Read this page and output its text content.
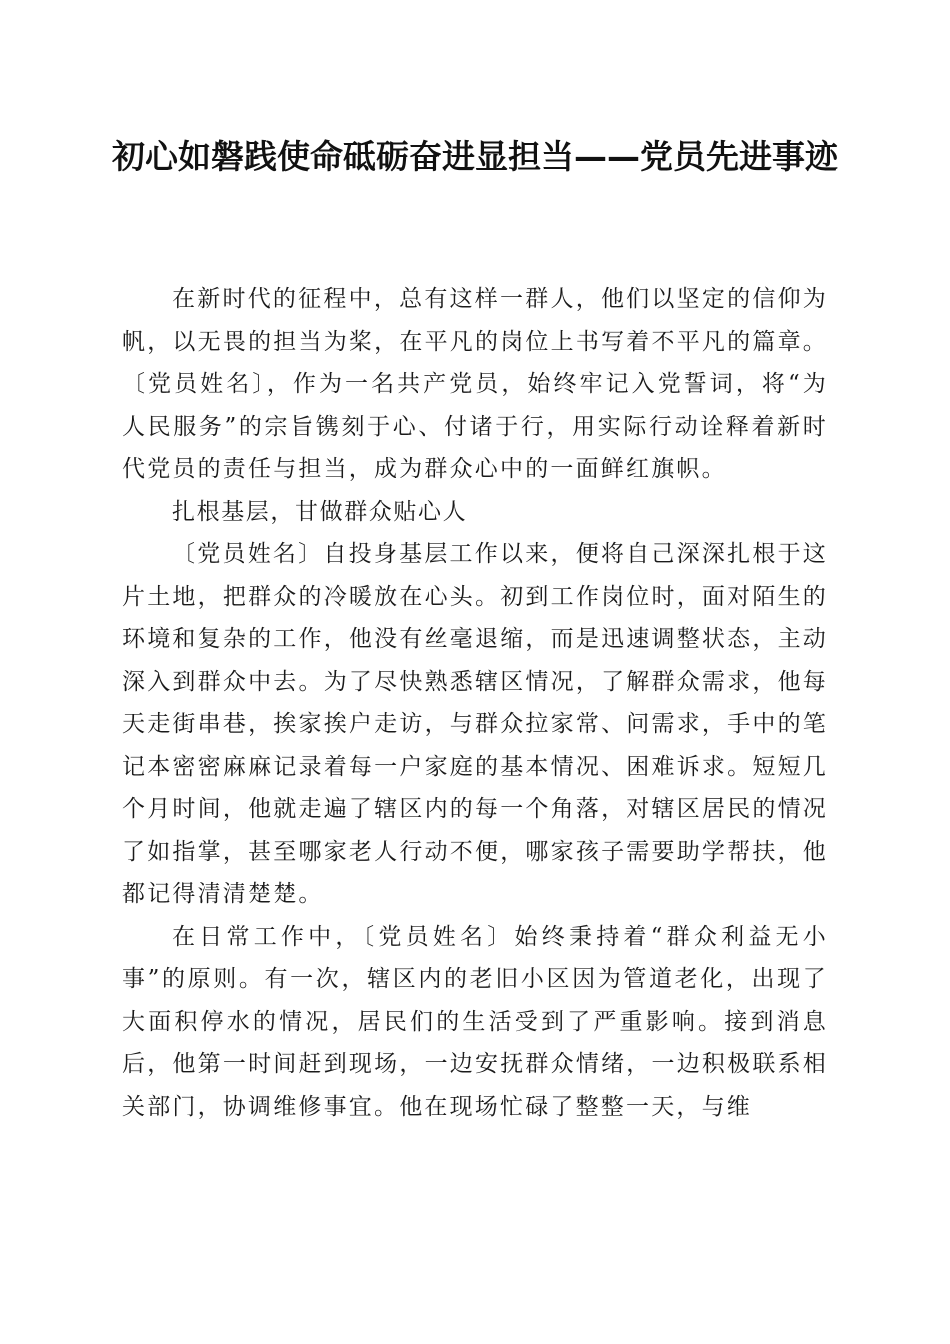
初心如磐践使命砥砺奋进显担当——党员先进事迹

在新时代的征程中，总有这样一群人，他们以坚定的信仰为帆，以无畏的担当为桨，在平凡的岗位上书写着不平凡的篇章。〔党员姓名〕，作为一名共产党员，始终牢记入党誓词，将“为人民服务”的宗旨镌刻于心、付诸于行，用实际行动诠释着新时代党员的责任与担当，成为群众心中的一面鲜红旗帜。

扎根基层，甘做群众贴心人

〔党员姓名〕自投身基层工作以来，便将自己深深扎根于这片土地，把群众的冷暖放在心头。初到工作岗位时，面对陌生的环境和复杂的工作，他没有丝毫退缩，而是迅速调整状态，主动深入到群众中去。为了尽快熟悉辖区情况，了解群众需求，他每天走街串巷，挨家挨户走访，与群众拉家常、问需求，手中的笔记本密密麻麻记录着每一户家庭的基本情况、困难诉求。短短几个月时间，他就走遍了辖区内的每一个角落，对辖区居民的情况了如指掌，甚至哪家老人行动不便，哪家孩子需要助学帮扶，他都记得清清楚楚。

在日常工作中，〔党员姓名〕始终秉持着“群众利益无小事”的原则。有一次，辖区内的老旧小区因为管道老化，出现了大面积停水的情况，居民们的生活受到了严重影响。接到消息后，他第一时间赶到现场，一边安抚群众情绪，一边积极联系相关部门，协调维修事宜。他在现场忙碌了整整一天，与维
